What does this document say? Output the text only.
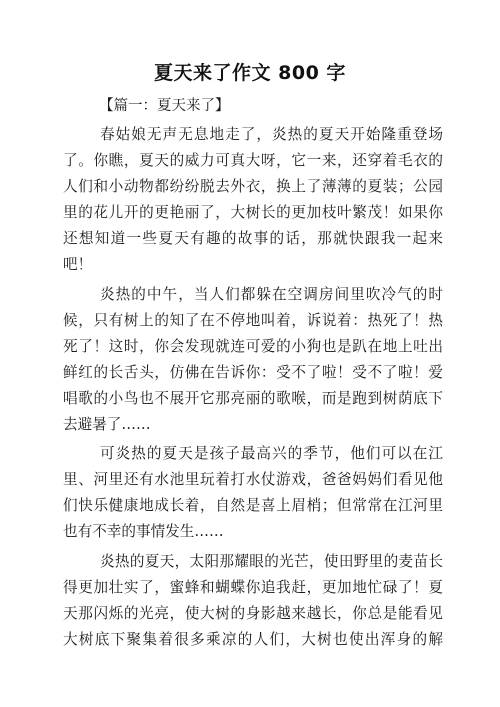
夏天来了作文 800 字
【篇一：夏天来了】
春姑娘无声无息地走了，炎热的夏天开始隆重登场
了。你瞧，夏天的威力可真大呀，它一来，还穿着毛衣的
人们和小动物都纷纷脱去外衣，换上了薄薄的夏装；公园
里的花儿开的更艳丽了，大树长的更加枝叶繁茂！如果你
还想知道一些夏天有趣的故事的话，那就快跟我一起来
吧！
炎热的中午，当人们都躲在空调房间里吹冷气的时
候，只有树上的知了在不停地叫着，诉说着：热死了！热
死了！这时，你会发现就连可爱的小狗也是趴在地上吐出
鲜红的长舌头，仿佛在告诉你：受不了啦！受不了啦！爱
唱歌的小鸟也不展开它那亮丽的歌喉，而是跑到树荫底下
去避暑了……
可炎热的夏天是孩子最高兴的季节，他们可以在江
里、河里还有水池里玩着打水仗游戏，爸爸妈妈们看见他
们快乐健康地成长着，自然是喜上眉梢；但常常在江河里
也有不幸的事情发生……
炎热的夏天，太阳那耀眼的光芒，使田野里的麦苗长
得更加壮实了，蜜蜂和蝴蝶你追我赶，更加地忙碌了！夏
天那闪烁的光亮，使大树的身影越来越长，你总是能看见
大树底下聚集着很多乘凉的人们，大树也使出浑身的解
